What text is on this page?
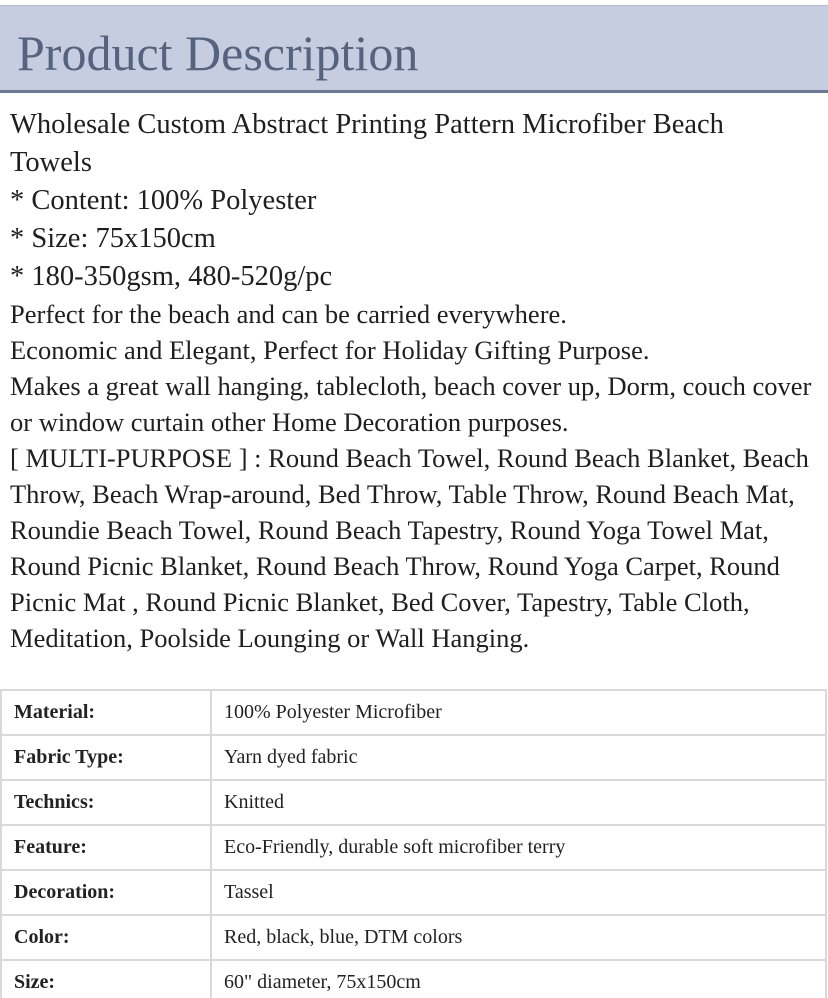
Product Description
Wholesale Custom Abstract Printing Pattern Microfiber Beach
Towels
* Content: 100% Polyester
* Size: 75x150cm
* 180-350gsm, 480-520g/pc
Perfect for the beach and can be carried everywhere.
Economic and Elegant, Perfect for Holiday Gifting Purpose.
Makes a great wall hanging, tablecloth, beach cover up, Dorm, couch cover or window curtain other Home Decoration purposes.
[ MULTI-PURPOSE ] : Round Beach Towel, Round Beach Blanket, Beach Throw, Beach Wrap-around, Bed Throw, Table Throw, Round Beach Mat, Roundie Beach Towel, Round Beach Tapestry, Round Yoga Towel Mat, Round Picnic Blanket, Round Beach Throw, Round Yoga Carpet, Round Picnic Mat , Round Picnic Blanket, Bed Cover, Tapestry, Table Cloth, Meditation, Poolside Lounging or Wall Hanging.
Material:	100% Polyester Microfiber
Fabric Type:	Yarn dyed fabric
Technics:	Knitted
Feature:	Eco-Friendly, durable soft microfiber terry
Decoration:	Tassel
Color:	Red, black, blue, DTM colors
Size:	60" diameter, 75x150cm
